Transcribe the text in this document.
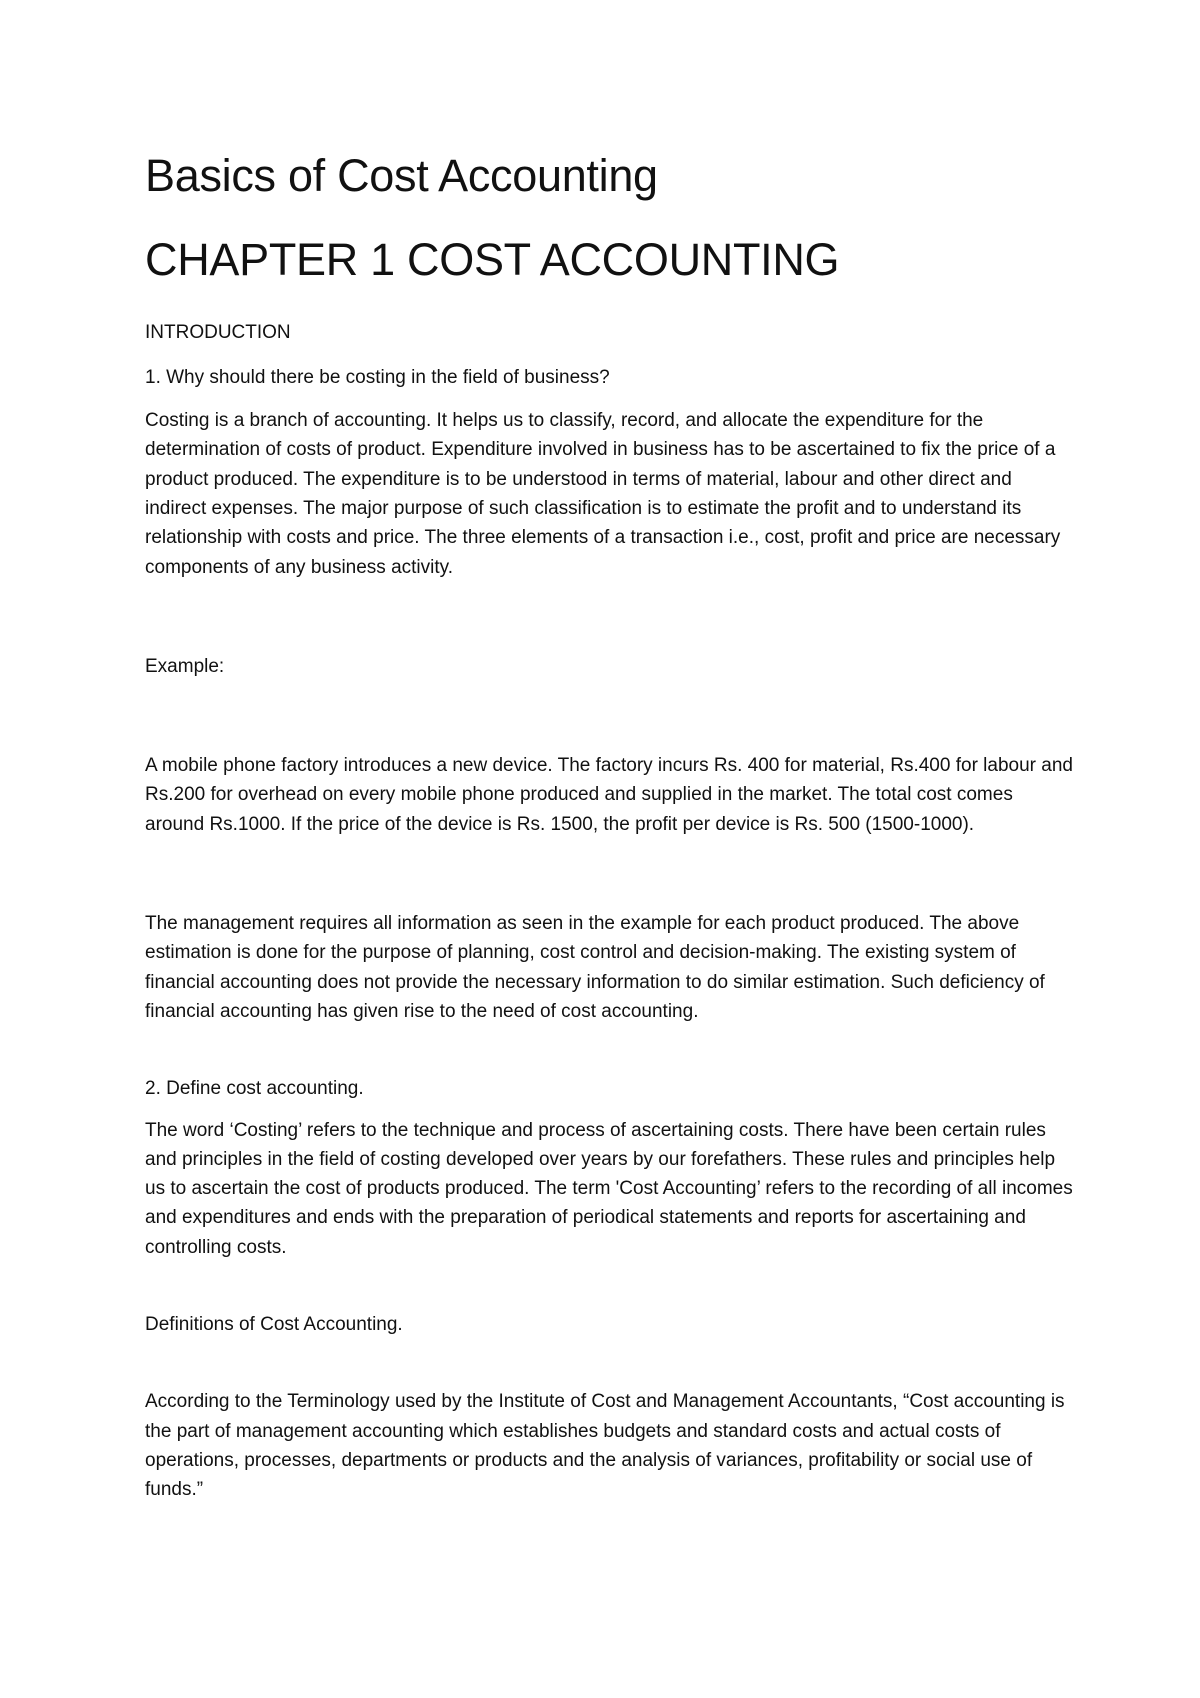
Basics of Cost Accounting
CHAPTER 1 COST ACCOUNTING

INTRODUCTION

1. Why should there be costing in the field of business?

Costing is a branch of accounting. It helps us to classify, record, and allocate the expenditure for the determination of costs of product. Expenditure involved in business has to be ascertained to fix the price of a product produced. The expenditure is to be understood in terms of material, labour and other direct and indirect expenses. The major purpose of such classification is to estimate the profit and to understand its relationship with costs and price. The three elements of a transaction i.e., cost, profit and price are necessary components of any business activity.

Example:

A mobile phone factory introduces a new device. The factory incurs Rs. 400 for material, Rs.400 for labour and Rs.200 for overhead on every mobile phone produced and supplied in the market. The total cost comes around Rs.1000. If the price of the device is Rs. 1500, the profit per device is Rs. 500 (1500-1000).

The management requires all information as seen in the example for each product produced. The above estimation is done for the purpose of planning, cost control and decision-making. The existing system of financial accounting does not provide the necessary information to do similar estimation. Such deficiency of financial accounting has given rise to the need of cost accounting.

2. Define cost accounting.

The word ‘Costing’ refers to the technique and process of ascertaining costs. There have been certain rules and principles in the field of costing developed over years by our forefathers. These rules and principles help us to ascertain the cost of products produced. The term 'Cost Accounting’ refers to the recording of all incomes and expenditures and ends with the preparation of periodical statements and reports for ascertaining and controlling costs.

Definitions of Cost Accounting.

According to the Terminology used by the Institute of Cost and Management Accountants, “Cost accounting is the part of management accounting which establishes budgets and standard costs and actual costs of operations, processes, departments or products and the analysis of variances, profitability or social use of funds.”
